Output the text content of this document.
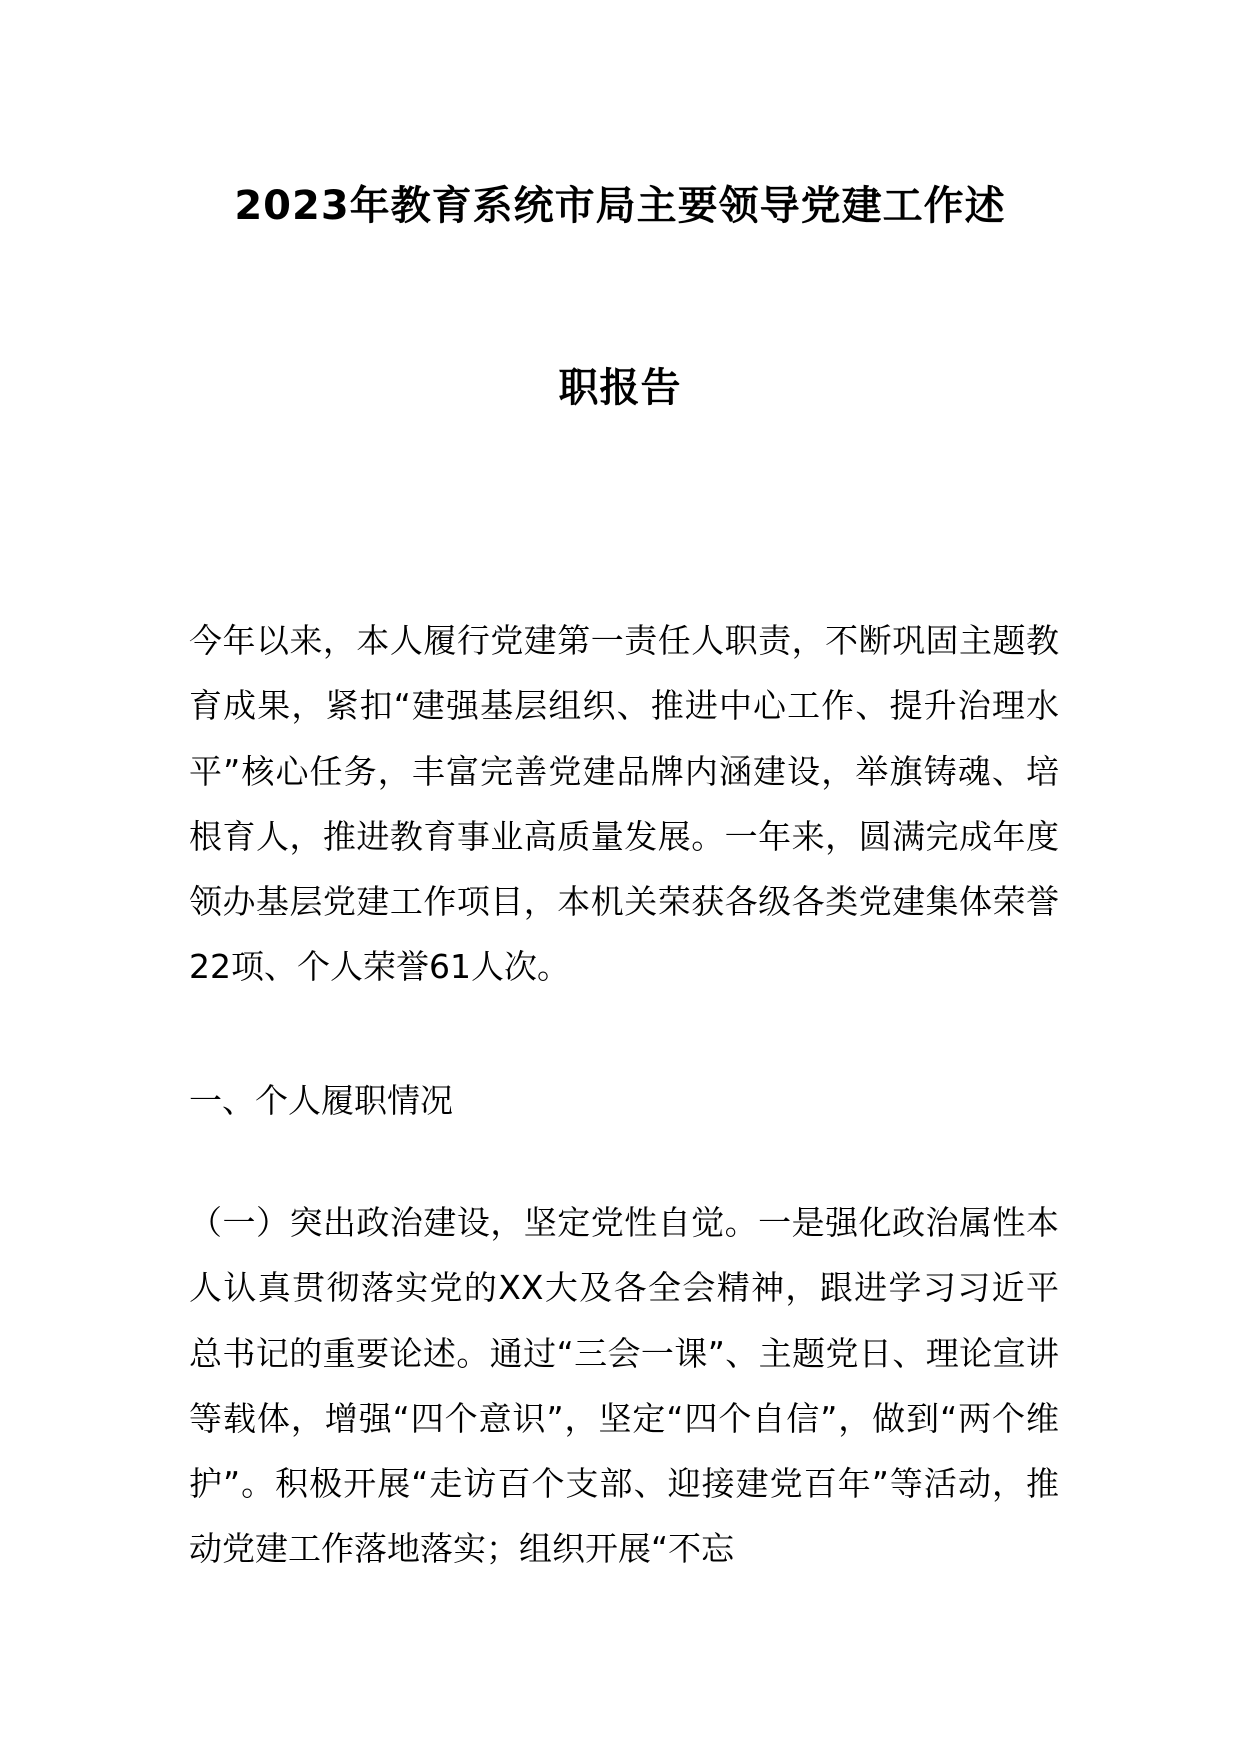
2023年教育系统市局主要领导党建工作述
职报告
今年以来，本人履行党建第一责任人职责，不断巩固主题教育成果，紧扣“建强基层组织、推进中心工作、提升治理水平”核心任务，丰富完善党建品牌内涵建设，举旗铸魂、培根育人，推进教育事业高质量发展。一年来，圆满完成年度领办基层党建工作项目，本机关荣获各级各类党建集体荣誉22项、个人荣誉61人次。
一、个人履职情况
（一）突出政治建设，坚定党性自觉。一是强化政治属性本人认真贯彻落实党的XX大及各全会精神，跟进学习习近平总书记的重要论述。通过“三会一课”、主题党日、理论宣讲等载体，增强“四个意识”，坚定“四个自信”，做到“两个维护”。积极开展“走访百个支部、迎接建党百年”等活动，推动党建工作落地落实；组织开展“不忘
